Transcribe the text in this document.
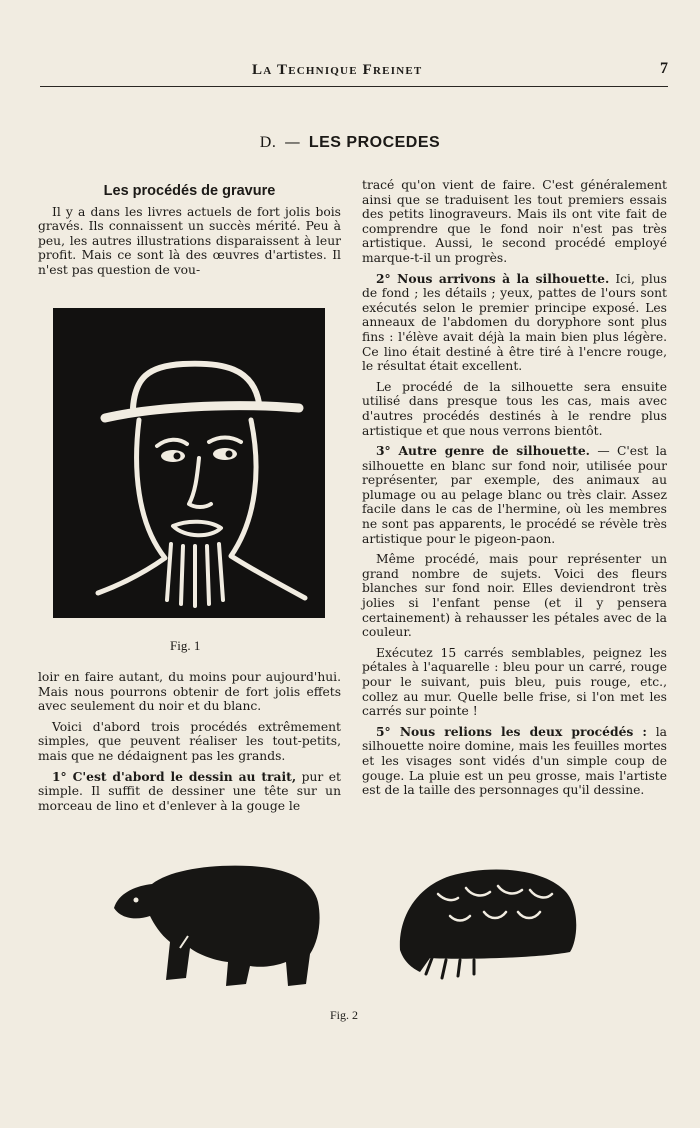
La Technique Freinet	7
D. — LES PROCEDES

Les procédés de gravure

Il y a dans les livres actuels de fort jolis bois gravés. Ils connaissent un succès mérité. Peu à peu, les autres illustrations disparaissent à leur profit. Mais ce sont là des œuvres d'artistes. Il n'est pas question de vou-

Fig. 1

loir en faire autant, du moins pour aujourd'hui. Mais nous pourrons obtenir de fort jolis effets avec seulement du noir et du blanc.

Voici d'abord trois procédés extrêmement simples, que peuvent réaliser les tout-petits, mais que ne dédaignent pas les grands.

1° C'est d'abord le dessin au trait, pur et simple. Il suffit de dessiner une tête sur un morceau de lino et d'enlever à la gouge le

tracé qu'on vient de faire. C'est généralement ainsi que se traduisent les tout premiers essais des petits linograveurs. Mais ils ont vite fait de comprendre que le fond noir n'est pas très artistique. Aussi, le second procédé employé marque-t-il un progrès.

2° Nous arrivons à la silhouette. Ici, plus de fond ; les détails ; yeux, pattes de l'ours sont exécutés selon le premier principe exposé. Les anneaux de l'abdomen du doryphore sont plus fins : l'élève avait déjà la main bien plus légère. Ce lino était destiné à être tiré à l'encre rouge, le résultat était excellent.

Le procédé de la silhouette sera ensuite utilisé dans presque tous les cas, mais avec d'autres procédés destinés à le rendre plus artistique et que nous verrons bientôt.

3° Autre genre de silhouette. — C'est la silhouette en blanc sur fond noir, utilisée pour représenter, par exemple, des animaux au plumage ou au pelage blanc ou très clair. Assez facile dans le cas de l'hermine, où les membres ne sont pas apparents, le procédé se révèle très artistique pour le pigeon-paon.

Même procédé, mais pour représenter un grand nombre de sujets. Voici des fleurs blanches sur fond noir. Elles deviendront très jolies si l'enfant pense (et il y pensera certainement) à rehausser les pétales avec de la couleur.

Exécutez 15 carrés semblables, peignez les pétales à l'aquarelle : bleu pour un carré, rouge pour le suivant, puis bleu, puis rouge, etc., collez au mur. Quelle belle frise, si l'on met les carrés sur pointe !

5° Nous relions les deux procédés : la silhouette noire domine, mais les feuilles mortes et les visages sont vidés d'un simple coup de gouge. La pluie est un peu grosse, mais l'artiste est de la taille des personnages qu'il dessine.

Fig. 2
